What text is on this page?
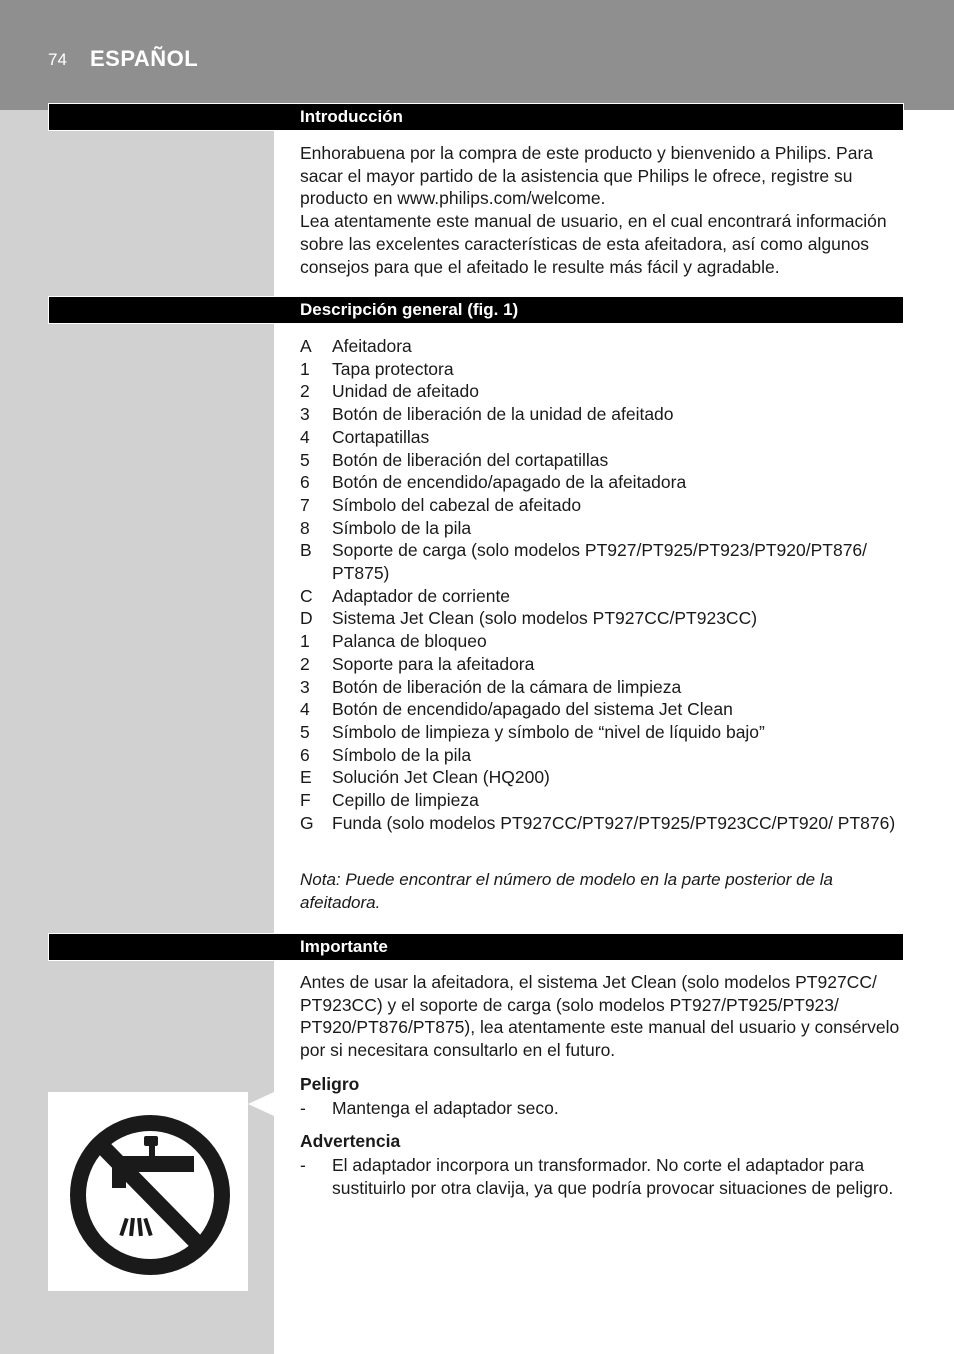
74 ESPAÑOL
Introducción

Enhorabuena por la compra de este producto y bienvenido a Philips. Para sacar el mayor partido de la asistencia que Philips le ofrece, registre su producto en www.philips.com/welcome.

Lea atentamente este manual de usuario, en el cual encontrará información sobre las excelentes características de esta afeitadora, así como algunos consejos para que el afeitado le resulte más fácil y agradable.

Descripción general (fig. 1)
A	Afeitadora
1	Tapa protectora
2	Unidad de afeitado
3	Botón de liberación de la unidad de afeitado
4	Cortapatillas
5	Botón de liberación del cortapatillas
6	Botón de encendido/apagado de la afeitadora
7	Símbolo del cabezal de afeitado
8	Símbolo de la pila
B	Soporte de carga (solo modelos PT927/PT925/PT923/PT920/PT876/ PT875)
C	Adaptador de corriente
D	Sistema Jet Clean (solo modelos PT927CC/PT923CC)
1	Palanca de bloqueo
2	Soporte para la afeitadora
3	Botón de liberación de la cámara de limpieza
4	Botón de encendido/apagado del sistema Jet Clean
5	Símbolo de limpieza y símbolo de “nivel de líquido bajo”
6	Símbolo de la pila
E	Solución Jet Clean (HQ200)
F	Cepillo de limpieza
G	Funda (solo modelos PT927CC/PT927/PT925/PT923CC/PT920/ PT876)
Nota: Puede encontrar el número de modelo en la parte posterior de la afeitadora.
Importante
Antes de usar la afeitadora, el sistema Jet Clean (solo modelos PT927CC/ PT923CC) y el soporte de carga (solo modelos PT927/PT925/PT923/ PT920/PT876/PT875), lea atentamente este manual del usuario y consérvelo por si necesitara consultarlo en el futuro.
Peligro
-	Mantenga el adaptador seco.
Advertencia
-	El adaptador incorpora un transformador. No corte el adaptador para sustituirlo por otra clavija, ya que podría provocar situaciones de peligro.
